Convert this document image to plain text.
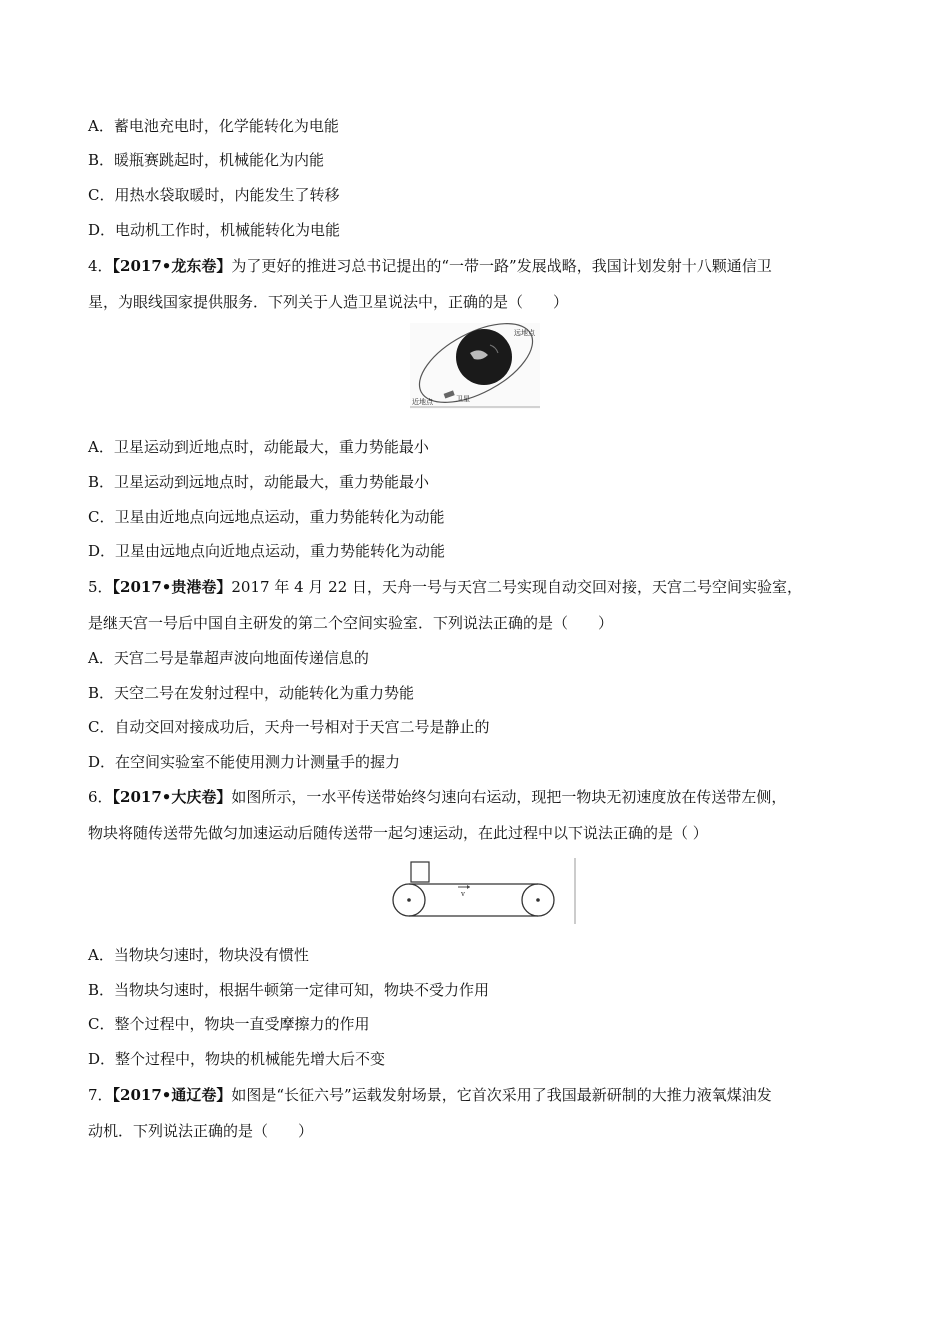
A．蓄电池充电时，化学能转化为电能
B．暖瓶赛跳起时，机械能化为内能
C．用热水袋取暖时，内能发生了转移
D．电动机工作时，机械能转化为电能
4．【2017•龙东卷】为了更好的推进习总书记提出的“一带一路”发展战略，我国计划发射十八颗通信卫
星，为眼线国家提供服务．下列关于人造卫星说法中，正确的是（　　）
远地点
近地点	卫星
A．卫星运动到近地点时，动能最大，重力势能最小
B．卫星运动到远地点时，动能最大，重力势能最小
C．卫星由近地点向远地点运动，重力势能转化为动能
D．卫星由远地点向近地点运动，重力势能转化为动能
5．【2017•贵港卷】2017 年 4 月 22 日，天舟一号与天宫二号实现自动交回对接，天宫二号空间实验室，
是继天宫一号后中国自主研发的第二个空间实验室．下列说法正确的是（　　）
A．天宫二号是靠超声波向地面传递信息的
B．天空二号在发射过程中，动能转化为重力势能
C．自动交回对接成功后，天舟一号相对于天宫二号是静止的
D．在空间实验室不能使用测力计测量手的握力
6．【2017•大庆卷】如图所示，一水平传送带始终匀速向右运动，现把一物块无初速度放在传送带左侧，
物块将随传送带先做匀加速运动后随传送带一起匀速运动，在此过程中以下说法正确的是（ ）
v
A．当物块匀速时，物块没有惯性
B．当物块匀速时，根据牛顿第一定律可知，物块不受力作用
C．整个过程中，物块一直受摩擦力的作用
D．整个过程中，物块的机械能先增大后不变
7．【2017•通辽卷】如图是“长征六号”运载发射场景，它首次采用了我国最新研制的大推力液氧煤油发
动机．下列说法正确的是（　　）
